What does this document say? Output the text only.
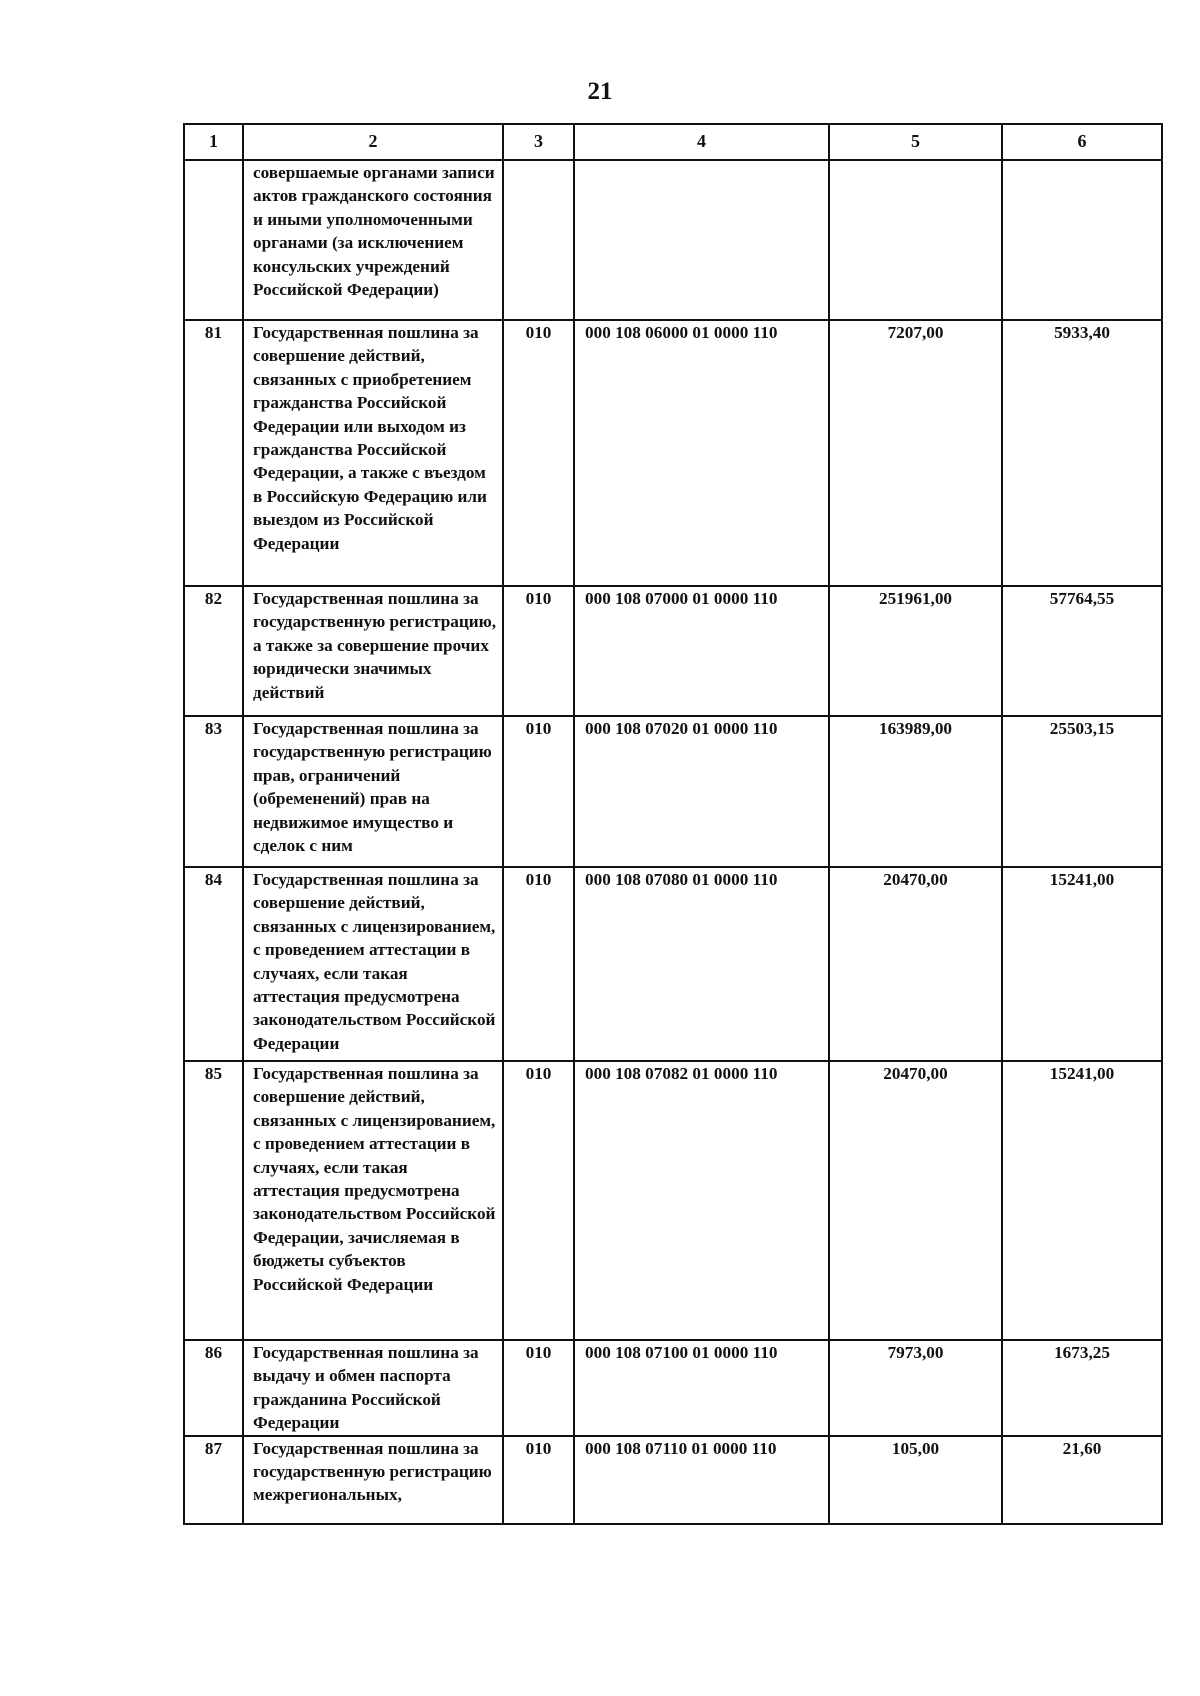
21
1	2	3	4	5	6
	совершаемые органами записи актов гражданского состояния и иными уполномоченными органами (за исключением консульских учреждений Российской Федерации)				
81	Государственная пошлина за совершение действий, связанных с приобретением гражданства Российской Федерации или выходом из гражданства Российской Федерации, а также с въездом в Российскую Федерацию или выездом из Российской Федерации	010	000 108 06000 01 0000 110	7207,00	5933,40
82	Государственная пошлина за государственную регистрацию, а также за совершение прочих юридически значимых действий	010	000 108 07000 01 0000 110	251961,00	57764,55
83	Государственная пошлина за государственную регистрацию прав, ограничений (обременений) прав на недвижимое имущество и сделок с ним	010	000 108 07020 01 0000 110	163989,00	25503,15
84	Государственная пошлина за совершение действий, связанных с лицензированием, с проведением аттестации в случаях, если такая аттестация предусмотрена законодательством Российской Федерации	010	000 108 07080 01 0000 110	20470,00	15241,00
85	Государственная пошлина за совершение действий, связанных с лицензированием, с проведением аттестации в случаях, если такая аттестация предусмотрена законодательством Российской Федерации, зачисляемая в бюджеты субъектов Российской Федерации	010	000 108 07082 01 0000 110	20470,00	15241,00
86	Государственная пошлина за выдачу и обмен паспорта гражданина Российской Федерации	010	000 108 07100 01 0000 110	7973,00	1673,25
87	Государственная пошлина за государственную регистрацию межрегиональных,	010	000 108 07110 01 0000 110	105,00	21,60
